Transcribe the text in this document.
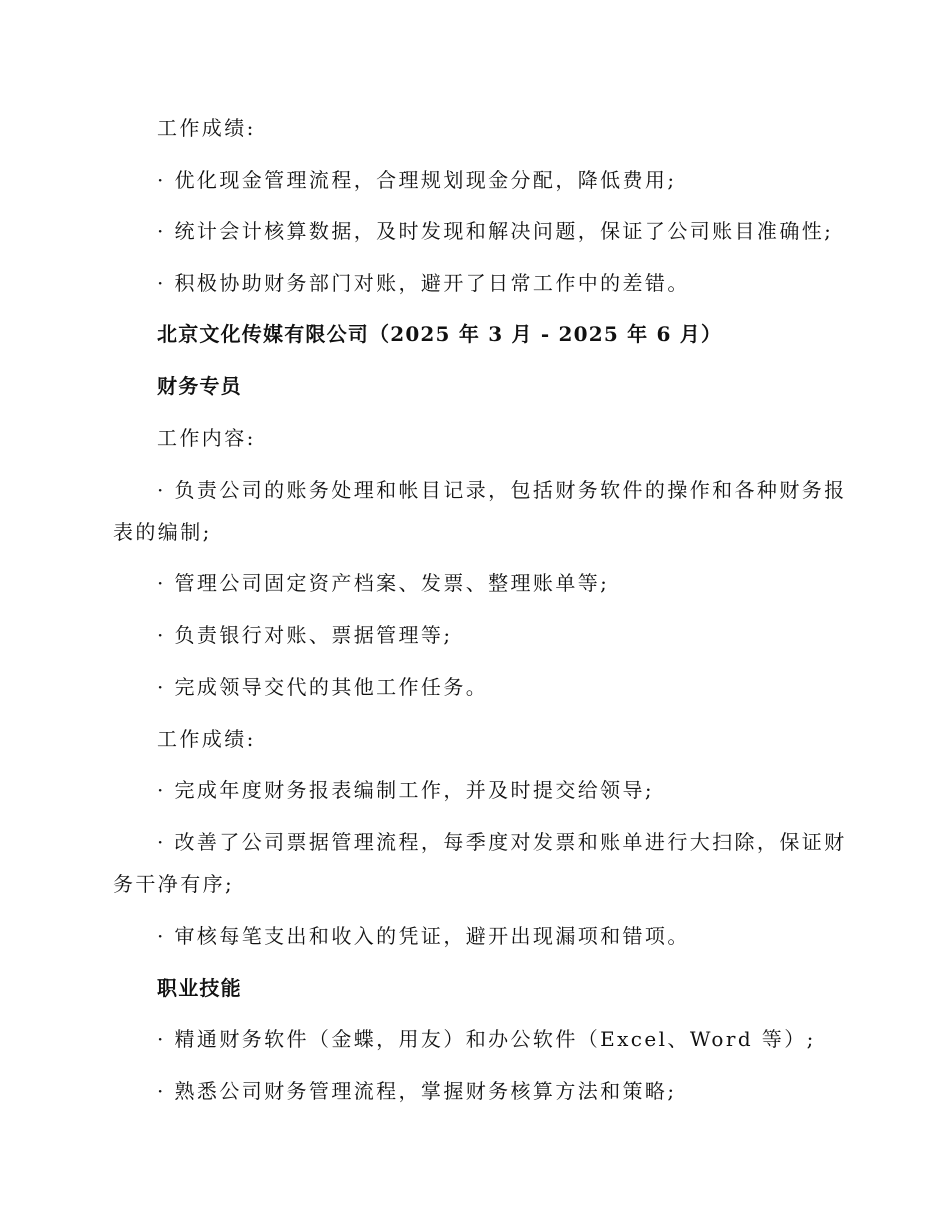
工作成绩:

· 优化现金管理流程，合理规划现金分配，降低费用;

· 统计会计核算数据，及时发现和解决问题，保证了公司账目准确性;

· 积极协助财务部门对账，避开了日常工作中的差错。

北京文化传媒有限公司（2025 年 3 月 - 2025 年 6 月）

财务专员

工作内容:

· 负责公司的账务处理和帐目记录，包括财务软件的操作和各种财务报

表的编制;

· 管理公司固定资产档案、发票、整理账单等;

· 负责银行对账、票据管理等;

· 完成领导交代的其他工作任务。

工作成绩:

· 完成年度财务报表编制工作，并及时提交给领导;

· 改善了公司票据管理流程，每季度对发票和账单进行大扫除，保证财

务干净有序;

· 审核每笔支出和收入的凭证，避开出现漏项和错项。

职业技能

· 精通财务软件（金蝶，用友）和办公软件（Excel、Word 等）;

· 熟悉公司财务管理流程，掌握财务核算方法和策略;
